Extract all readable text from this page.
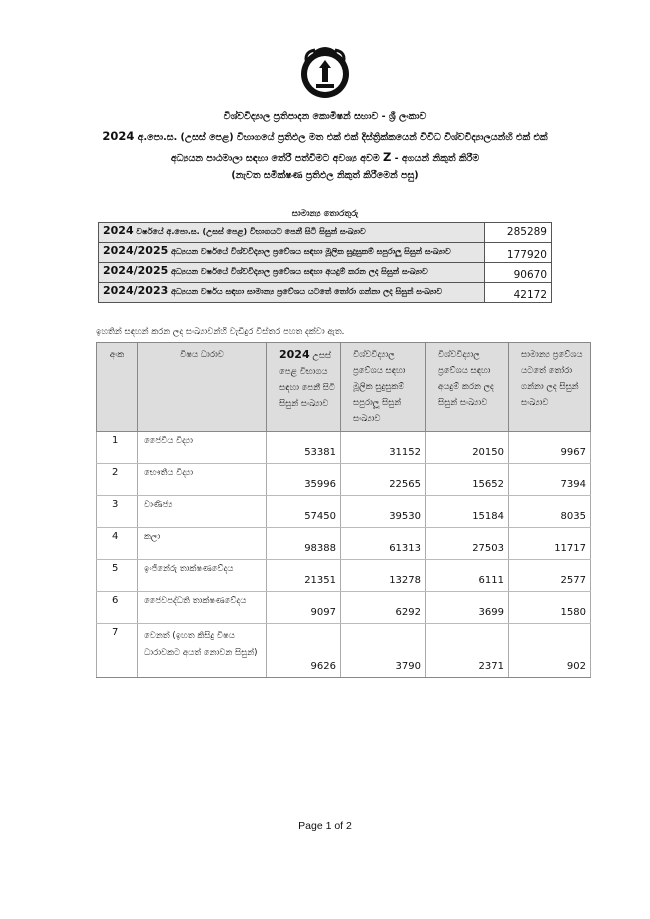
විශ්වවිද්‍යාල ප්‍රතිපාදන කොමිෂන් සභාව - ශ්‍රී ලංකාව
2024 අ.පො.ස. (උසස් පෙළ) විභාගයේ ප්‍රතිඵල මත එක් එක් දිස්ත්‍රික්කයෙන් විවිධ විශ්වවිද්‍යාලයන්හි එක් එක්
අධ්‍යයන පාඨමාලා සඳහා තේරී පත්වීමට අවශ්‍ය අවම Z - අගයන් නිකුත් කිරීම
(නැවත සමීක්ෂණ ප්‍රතිඵල නිකුත් කිරීමෙන් පසු)
සාමාන්‍ය තොරතුරු
2024 වර්ෂයේ අ.පො.ස. (උසස් පෙළ) විභාගයට පෙනී සිටි සිසුන් සංඛ්‍යාව	285289
2024/2025 අධ්‍යයන වර්ෂයේ විශ්වවිද්‍යාල ප්‍රවේශය සඳහා මූලික සුදුසුකම් සපුරාලූ සිසුන් සංඛ්‍යාව	177920
2024/2025 අධ්‍යයන වර්ෂයේ විශ්වවිද්‍යාල ප්‍රවේශය සඳහා අයදුම් කරන ලද සිසුන් සංඛ්‍යාව	90670
2024/2023 අධ්‍යයන වර්ෂය සඳහා සාමාන්‍ය ප්‍රවේශය යටතේ තෝරා ගන්නා ලද සිසුන් සංඛ්‍යාව	42172
ඉහතින් සඳහන් කරන ලද සංඛ්‍යාවන්හි වැඩිදුර විස්තර පහත දක්වා ඇත.
අංක	විෂය ධාරාව	2024 උසස් පෙළ විභාගය සඳහා පෙනී සිටි සිසුන් සංඛ්‍යාව	විශ්වවිද්‍යාල ප්‍රවේශය සඳහා මූලික සුදුසුකම් සපුරාලූ සිසුන් සංඛ්‍යාව	විශ්වවිද්‍යාල ප්‍රවේශය සඳහා අයදුම් කරන ලද සිසුන් සංඛ්‍යාව	සාමාන්‍ය ප්‍රවේශය යටතේ තෝරා ගන්නා ලද සිසුන් සංඛ්‍යාව
1	ජෛවීය විද්‍යා	53381	31152	20150	9967
2	භෞතීය විද්‍යා	35996	22565	15652	7394
3	වාණිජ්‍ය	57450	39530	15184	8035
4	කලා	98388	61313	27503	11717
5	ඉංජිනේරු තාක්ෂණවේදය	21351	13278	6111	2577
6	ජෛවපද්ධති තාක්ෂණවේදය	9097	6292	3699	1580
7	වෙනත් (ඉහත කිසිදු විෂය ධාරාවකට අයත් නොවන සිසුන්)	9626	3790	2371	902
Page 1 of 2
